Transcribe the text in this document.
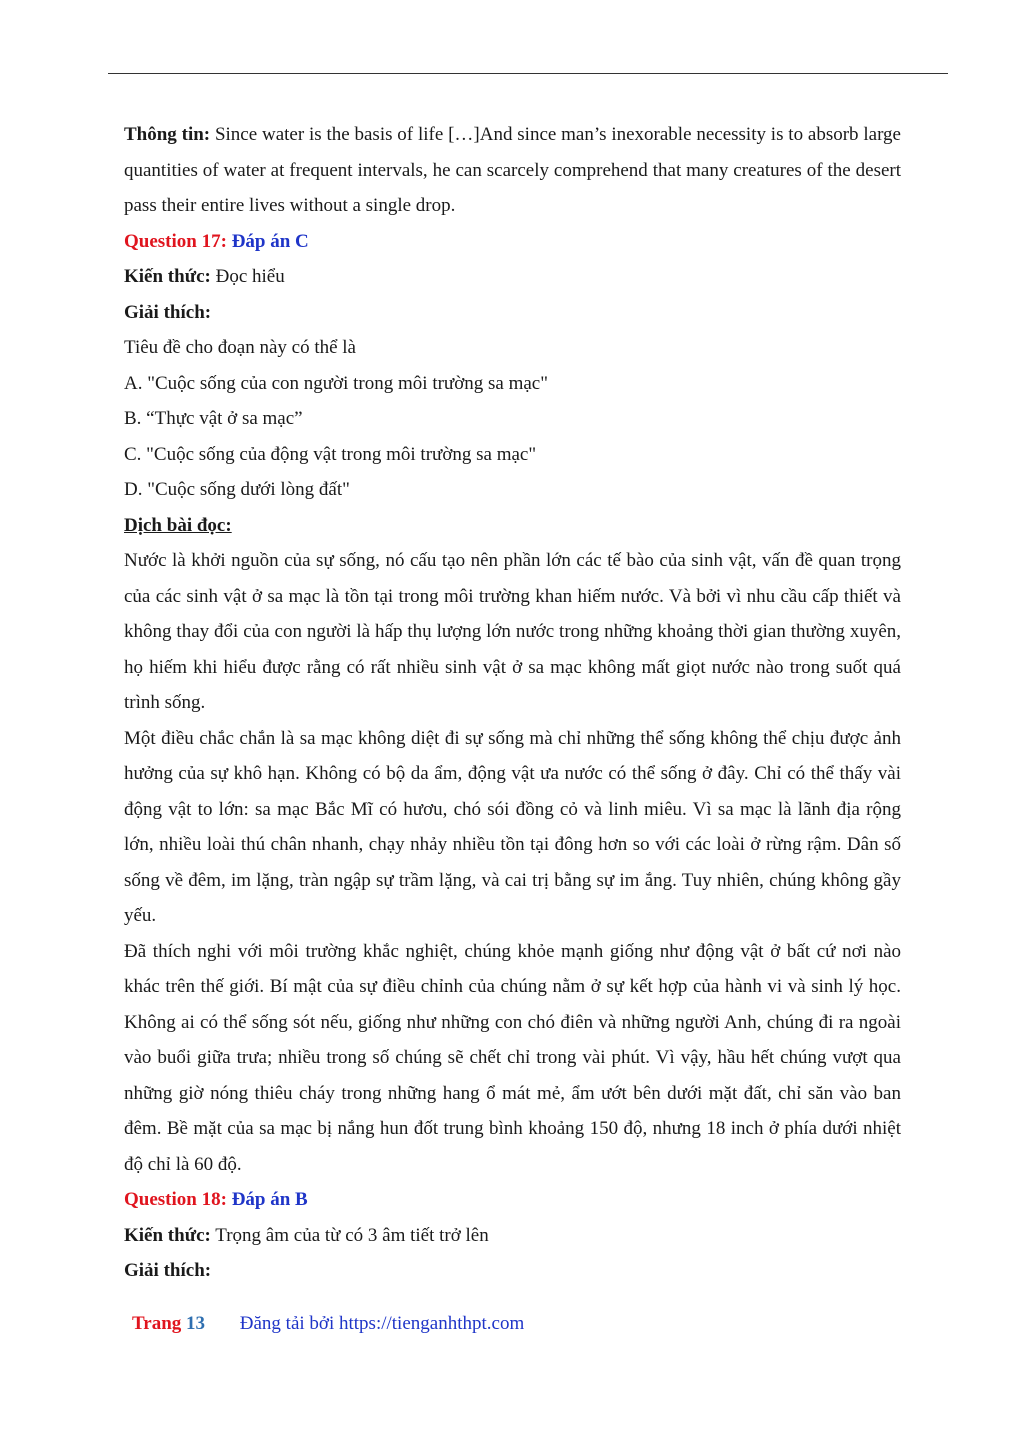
Thông tin: Since water is the basis of life […]And since man’s inexorable necessity is to absorb large quantities of water at frequent intervals, he can scarcely comprehend that many creatures of the desert pass their entire lives without a single drop.

Question 17: Đáp án C

Kiến thức: Đọc hiểu

Giải thích:

Tiêu đề cho đoạn này có thể là

A. "Cuộc sống của con người trong môi trường sa mạc"

B. “Thực vật ở sa mạc”

C. "Cuộc sống của động vật trong môi trường sa mạc"

D. "Cuộc sống dưới lòng đất"

Dịch bài đọc:

Nước là khởi nguồn của sự sống, nó cấu tạo nên phần lớn các tế bào của sinh vật, vấn đề quan trọng của các sinh vật ở sa mạc là tồn tại trong môi trường khan hiếm nước. Và bởi vì nhu cầu cấp thiết và không thay đổi của con người là hấp thụ lượng lớn nước trong những khoảng thời gian thường xuyên, họ hiếm khi hiểu được rằng có rất nhiều sinh vật ở sa mạc không mất giọt nước nào trong suốt quá trình sống.

Một điều chắc chắn là sa mạc không diệt đi sự sống mà chỉ những thể sống không thể chịu được ảnh hưởng của sự khô hạn. Không có bộ da ẩm, động vật ưa nước có thể sống ở đây. Chỉ có thể thấy vài động vật to lớn: sa mạc Bắc Mĩ có hươu, chó sói đồng cỏ và linh miêu. Vì sa mạc là lãnh địa rộng lớn, nhiều loài thú chân nhanh, chạy nhảy nhiều tồn tại đông hơn so với các loài ở rừng rậm. Dân số sống về đêm, im lặng, tràn ngập sự trầm lặng, và cai trị bằng sự im ắng. Tuy nhiên, chúng không gầy yếu.

Đã thích nghi với môi trường khắc nghiệt, chúng khỏe mạnh giống như động vật ở bất cứ nơi nào khác trên thế giới. Bí mật của sự điều chỉnh của chúng nằm ở sự kết hợp của hành vi và sinh lý học. Không ai có thể sống sót nếu, giống như những con chó điên và những người Anh, chúng đi ra ngoài vào buổi giữa trưa; nhiều trong số chúng sẽ chết chỉ trong vài phút. Vì vậy, hầu hết chúng vượt qua những giờ nóng thiêu cháy trong những hang ổ mát mẻ, ẩm ướt bên dưới mặt đất, chỉ săn vào ban đêm. Bề mặt của sa mạc bị nắng hun đốt trung bình khoảng 150 độ, nhưng 18 inch ở phía dưới nhiệt độ chỉ là 60 độ.

Question 18: Đáp án B

Kiến thức: Trọng âm của từ có 3 âm tiết trở lên

Giải thích:

Trang 13 Đăng tải bởi https://tienganhthpt.com
